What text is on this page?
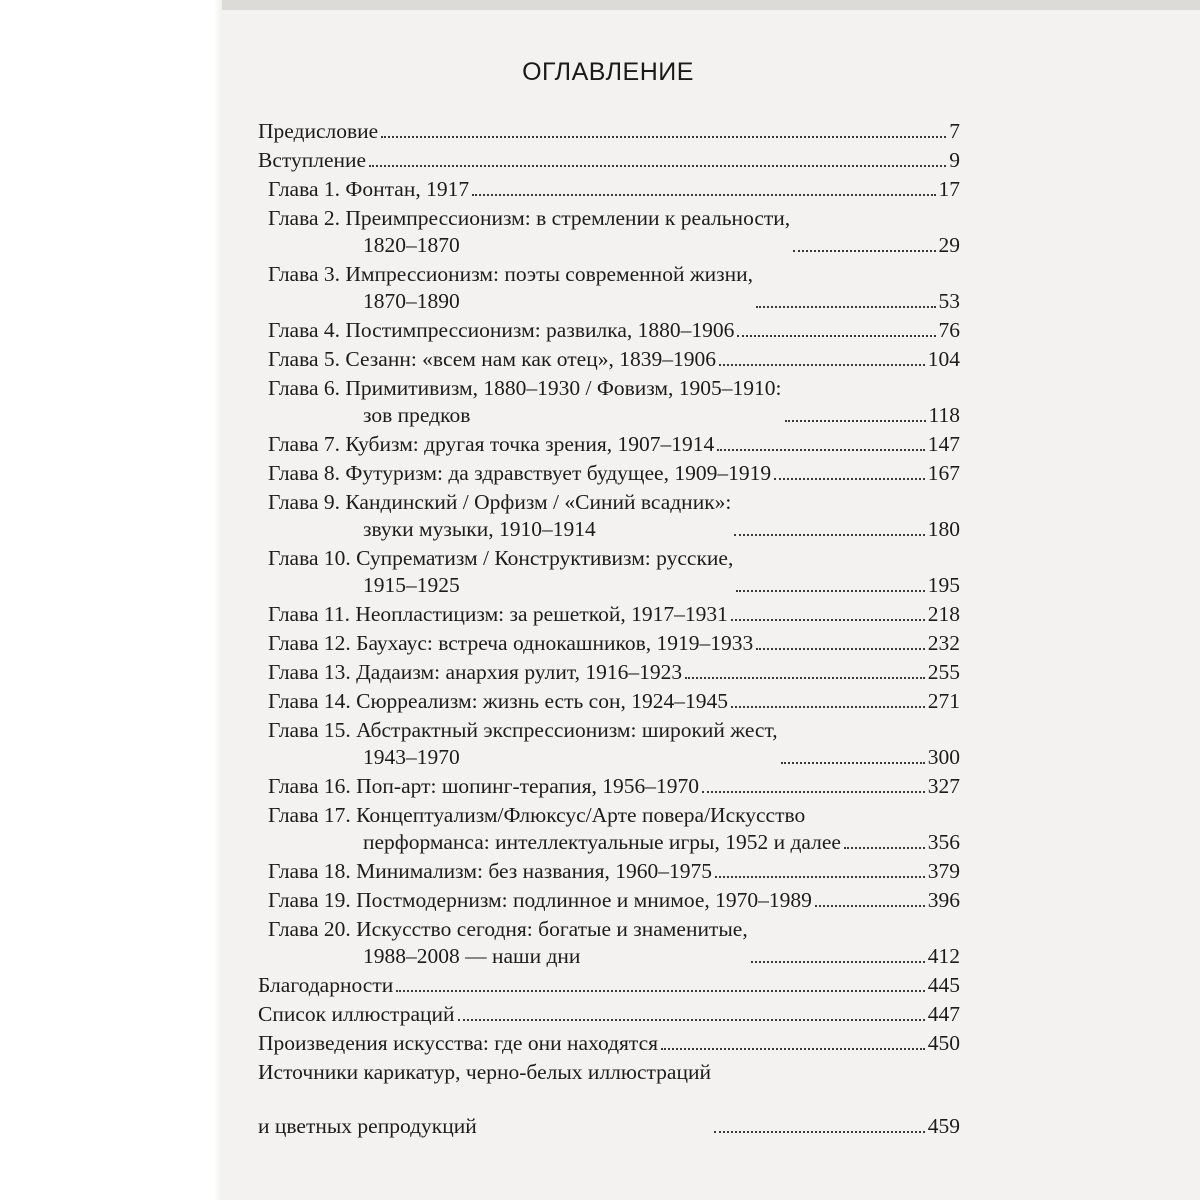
ОГЛАВЛЕНИЕ
Предисловие	7
Вступление	9
Глава 1. Фонтан, 1917	17
Глава 2. Преимпрессионизм: в стремлении к реальности,
1820–1870	29
Глава 3. Импрессионизм: поэты современной жизни,
1870–1890	53
Глава 4. Постимпрессионизм: развилка, 1880–1906	76
Глава 5. Сезанн: «всем нам как отец», 1839–1906	104
Глава 6. Примитивизм, 1880–1930 / Фовизм, 1905–1910:
зов предков	118
Глава 7. Кубизм: другая точка зрения, 1907–1914	147
Глава 8. Футуризм: да здравствует будущее, 1909–1919	167
Глава 9. Кандинский / Орфизм / «Синий всадник»:
звуки музыки, 1910–1914	180
Глава 10. Супрематизм / Конструктивизм: русские,
1915–1925	195
Глава 11. Неопластицизм: за решеткой, 1917–1931	218
Глава 12. Баухаус: встреча однокашников, 1919–1933	232
Глава 13. Дадаизм: анархия рулит, 1916–1923	255
Глава 14. Сюрреализм: жизнь есть сон, 1924–1945	271
Глава 15. Абстрактный экспрессионизм: широкий жест,
1943–1970	300
Глава 16. Поп-арт: шопинг-терапия, 1956–1970	327
Глава 17. Концептуализм/Флюксус/Арте повера/Искусство
перформанса: интеллектуальные игры, 1952 и далее	356
Глава 18. Минимализм: без названия, 1960–1975	379
Глава 19. Постмодернизм: подлинное и мнимое, 1970–1989	396
Глава 20. Искусство сегодня: богатые и знаменитые,
1988–2008 — наши дни	412
Благодарности	445
Список иллюстраций	447
Произведения искусства: где они находятся	450
Источники карикатур, черно-белых иллюстраций

и цветных репродукций	459
